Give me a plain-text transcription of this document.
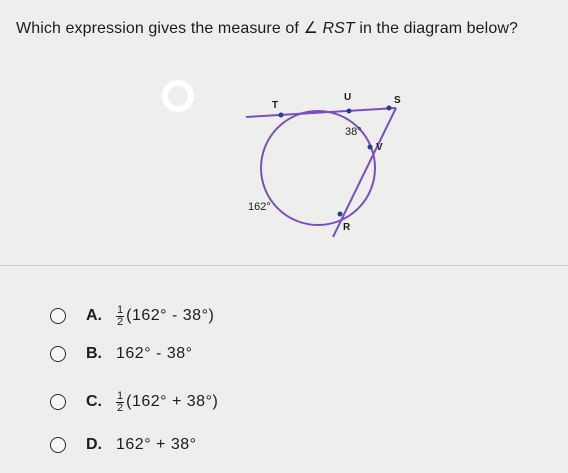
Which expression gives the measure of ∠ RST in the diagram below?
T
U	S
V
R
38°
162°
A. $\frac{1}{2} (162^\circ - 38^\circ)$
B. 162° - 38°
C. $\frac{1}{2} (162^\circ + 38^\circ)$
D. 162° + 38°
